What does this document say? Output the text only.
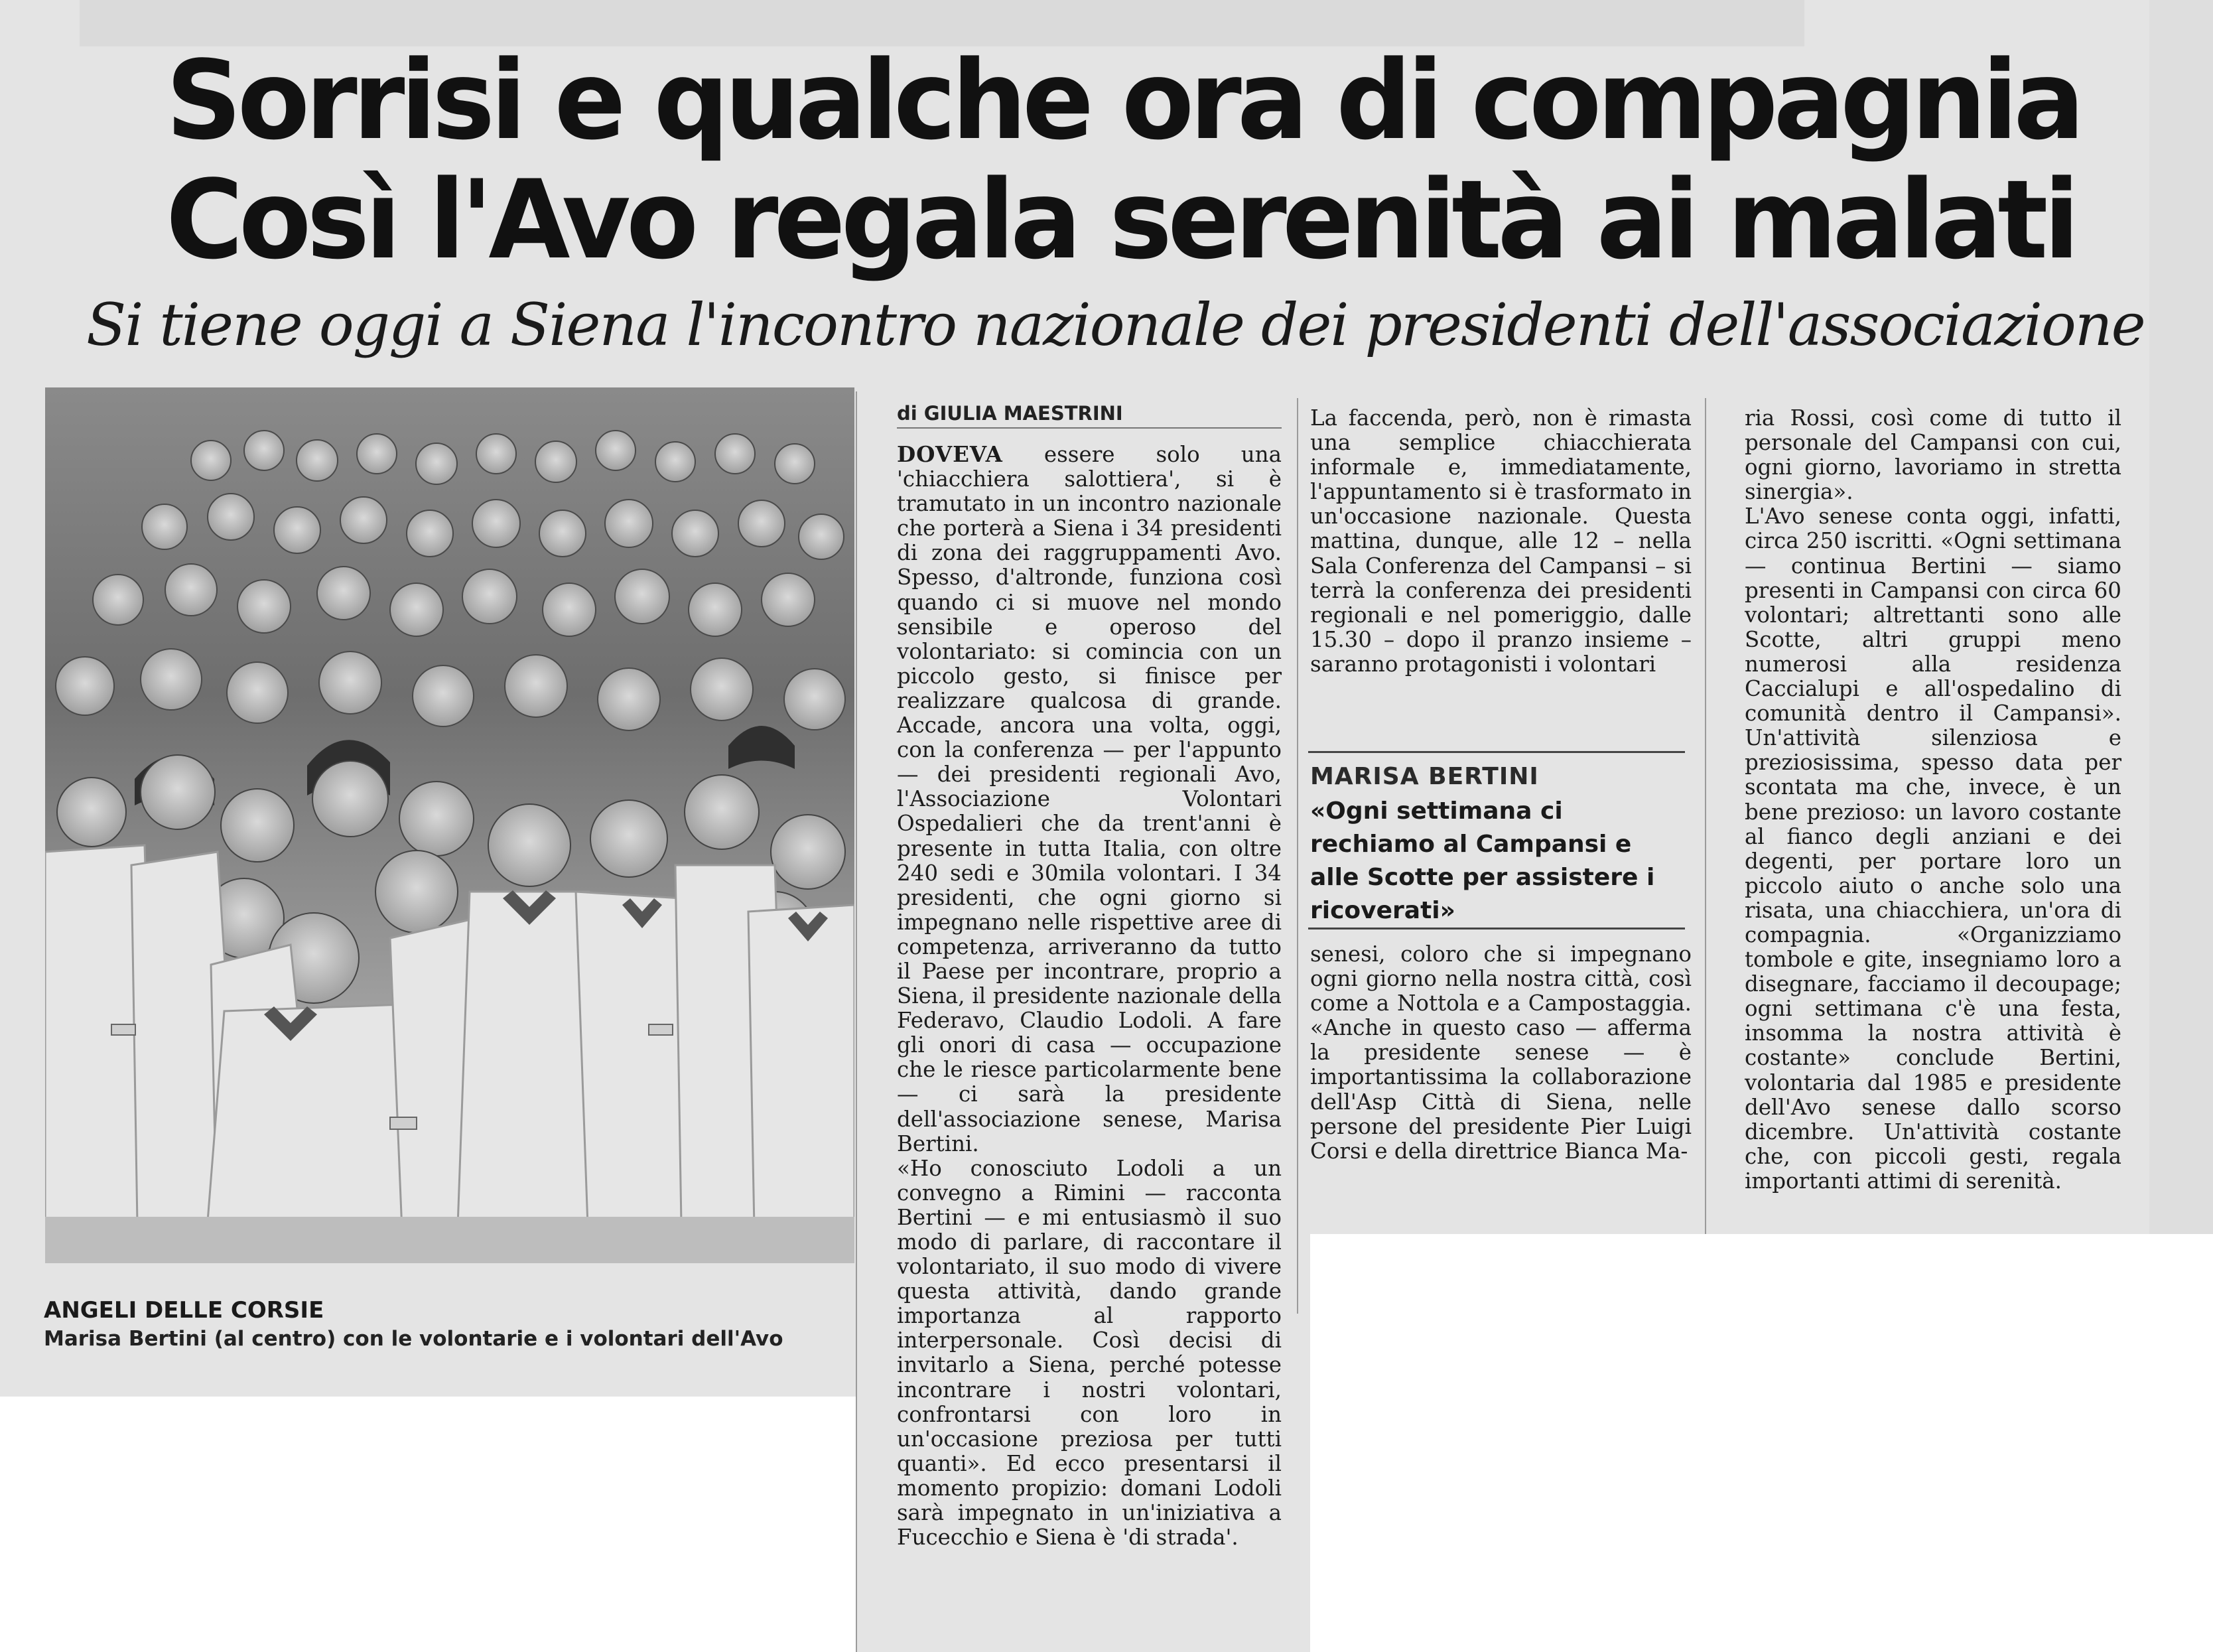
Sorrisi e qualche ora di compagnia
Così l'Avo regala serenità ai malati
Si tiene oggi a Siena l'incontro nazionale dei presidenti dell'associazione
ANGELI DELLE CORSIE
Marisa Bertini (al centro) con le volontarie e i volontari dell'Avo
di GIULIA MAESTRINI

DOVEVA essere solo una 'chiacchiera salottiera', si è tramutato in un incontro nazionale che porterà a Siena i 34 presidenti di zona dei raggruppamenti Avo. Spesso, d'altronde, funziona così quando ci si muove nel mondo sensibile e operoso del volontariato: si comincia con un piccolo gesto, si finisce per realizzare qualcosa di grande. Accade, ancora una volta, oggi, con la conferenza — per l'appunto — dei presidenti regionali Avo, l'Associazione Volontari Ospedalieri che da trent'anni è presente in tutta Italia, con oltre 240 sedi e 30mila volontari. I 34 presidenti, che ogni giorno si impegnano nelle rispettive aree di competenza, arriveranno da tutto il Paese per incontrare, proprio a Siena, il presidente nazionale della Federavo, Claudio Lodoli. A fare gli onori di casa — occupazione che le riesce particolarmente bene — ci sarà la presidente dell'associazione senese, Marisa Bertini.

«Ho conosciuto Lodoli a un convegno a Rimini — racconta Bertini — e mi entusiasmò il suo modo di parlare, di raccontare il volontariato, il suo modo di vivere questa attività, dando grande importanza al rapporto interpersonale. Così decisi di invitarlo a Siena, perché potesse incontrare i nostri volontari, confrontarsi con loro in un'occasione preziosa per tutti quanti». Ed ecco presentarsi il momento propizio: domani Lodoli sarà impegnato in un'iniziativa a Fucecchio e Siena è 'di strada'.

La faccenda, però, non è rimasta una semplice chiacchierata informale e, immediatamente, l'appuntamento si è trasformato in un'occasione nazionale. Questa mattina, dunque, alle 12 – nella Sala Conferenza del Campansi – si terrà la conferenza dei presidenti regionali e nel pomeriggio, dalle 15.30 – dopo il pranzo insieme – saranno protagonisti i volontari

MARISA BERTINI
«Ogni settimana ci rechiamo al Campansi e alle Scotte per assistere i ricoverati»

senesi, coloro che si impegnano ogni giorno nella nostra città, così come a Nottola e a Campostaggia. «Anche in questo caso — afferma la presidente senese — è importantissima la collaborazione dell'Asp Città di Siena, nelle persone del presidente Pier Luigi Corsi e della direttrice Bianca Ma-

ria Rossi, così come di tutto il personale del Campansi con cui, ogni giorno, lavoriamo in stretta sinergia».

L'Avo senese conta oggi, infatti, circa 250 iscritti. «Ogni settimana — continua Bertini — siamo presenti in Campansi con circa 60 volontari; altrettanti sono alle Scotte, altri gruppi meno numerosi alla residenza Caccialupi e all'ospedalino di comunità dentro il Campansi». Un'attività silenziosa e preziosissima, spesso data per scontata ma che, invece, è un bene prezioso: un lavoro costante al fianco degli anziani e dei degenti, per portare loro un piccolo aiuto o anche solo una risata, una chiacchiera, un'ora di compagnia. «Organizziamo tombole e gite, insegniamo loro a disegnare, facciamo il decoupage; ogni settimana c'è una festa, insomma la nostra attività è costante» conclude Bertini, volontaria dal 1985 e presidente dell'Avo senese dallo scorso dicembre. Un'attività costante che, con piccoli gesti, regala importanti attimi di serenità.
